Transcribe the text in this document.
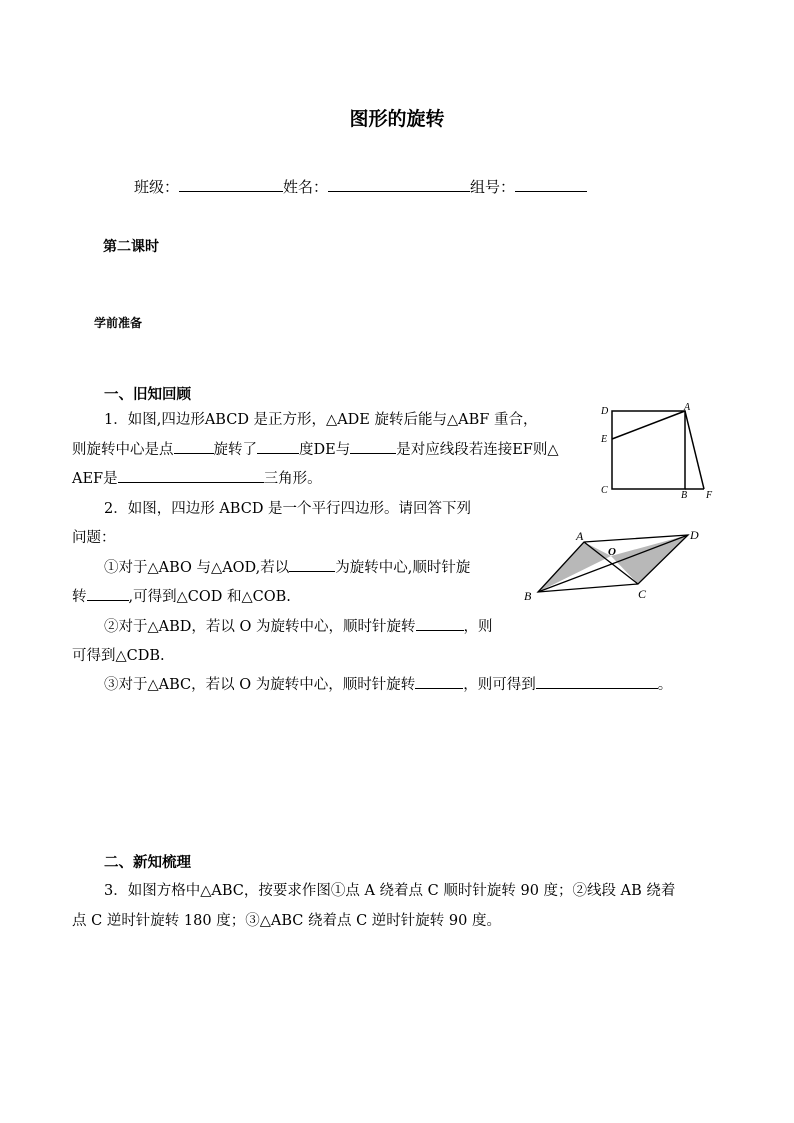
图形的旋转
班级：	姓名：	组号：
第二课时
学前准备
一、旧知回顾
1．如图,四边形ABCD 是正方形，△ADE 旋转后能与△ABF 重合，
则旋转中心是点	旋转了	度DE与	是对应线段若连接EF则△
AEF是	三角形。
D	A
E
C	B F
2．如图，四边形 ABCD 是一个平行四边形。请回答下列
问题：
①对于△ABO 与△AOD,若以	为旋转中心,顺时针旋
转	,可得到△COD 和△COB.
②对于△ABD，若以 O 为旋转中心，顺时针旋转	，则
可得到△CDB.
③对于△ABC，若以 O 为旋转中心，顺时针旋转	，则可得到	。
A	D
O
B	C
二、新知梳理
3．如图方格中△ABC，按要求作图①点 A 绕着点 C 顺时针旋转 90 度；②线段 AB 绕着
点 C 逆时针旋转 180 度；③△ABC 绕着点 C 逆时针旋转 90 度。
